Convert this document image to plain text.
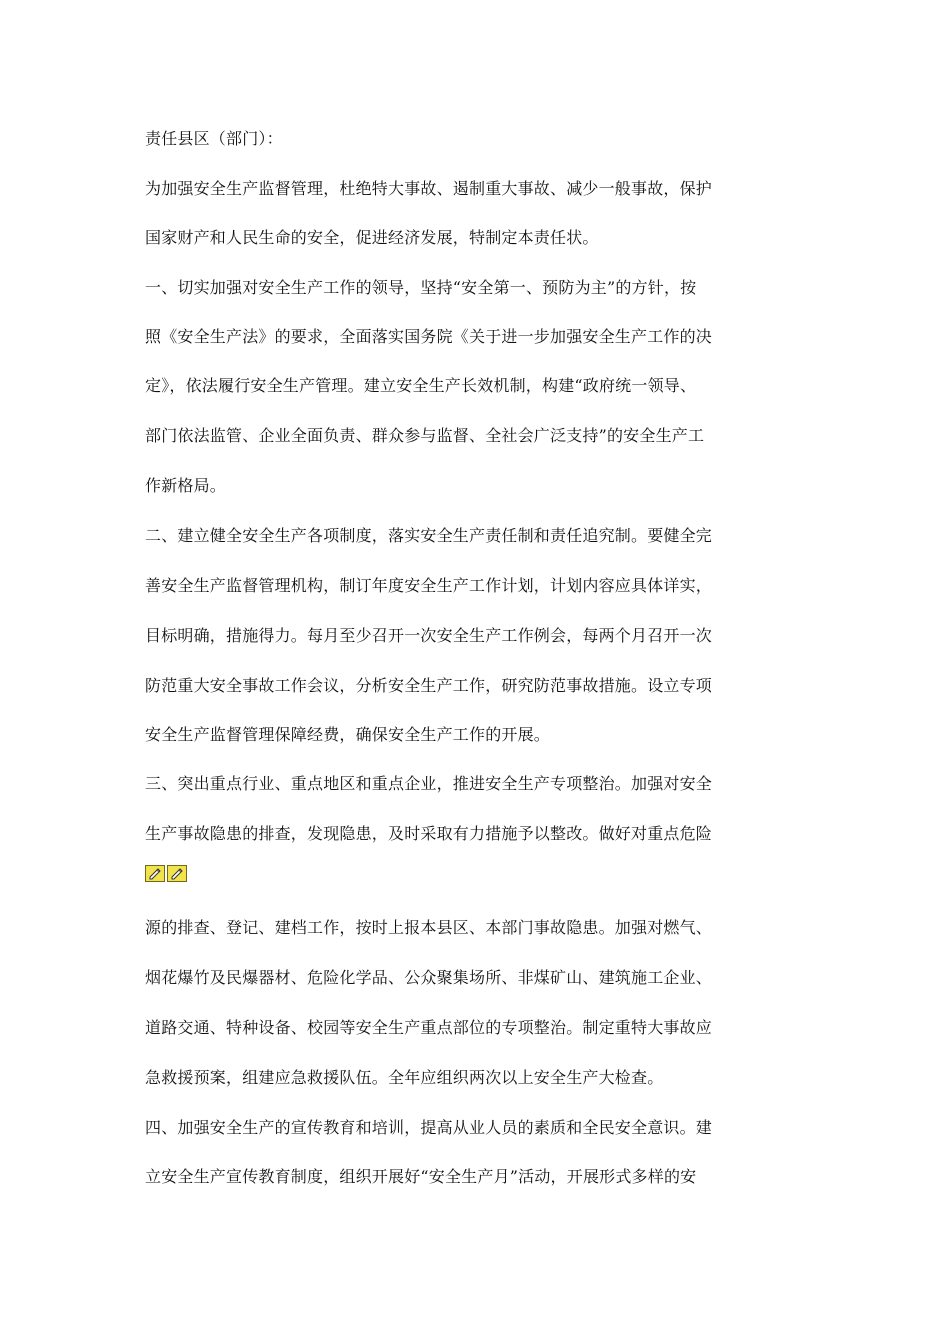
责任县区（部门）：
为加强安全生产监督管理，杜绝特大事故、遏制重大事故、减少一般事故，保护
国家财产和人民生命的安全，促进经济发展，特制定本责任状。
一、切实加强对安全生产工作的领导，坚持“安全第一、预防为主”的方针，按
照《安全生产法》的要求，全面落实国务院《关于进一步加强安全生产工作的决
定》，依法履行安全生产管理。建立安全生产长效机制，构建“政府统一领导、
部门依法监管、企业全面负责、群众参与监督、全社会广泛支持”的安全生产工
作新格局。
二、建立健全安全生产各项制度，落实安全生产责任制和责任追究制。要健全完
善安全生产监督管理机构，制订年度安全生产工作计划，计划内容应具体详实，
目标明确，措施得力。每月至少召开一次安全生产工作例会，每两个月召开一次
防范重大安全事故工作会议，分析安全生产工作，研究防范事故措施。设立专项
安全生产监督管理保障经费，确保安全生产工作的开展。
三、突出重点行业、重点地区和重点企业，推进安全生产专项整治。加强对安全
生产事故隐患的排查，发现隐患，及时采取有力措施予以整改。做好对重点危险
源的排查、登记、建档工作，按时上报本县区、本部门事故隐患。加强对燃气、
烟花爆竹及民爆器材、危险化学品、公众聚集场所、非煤矿山、建筑施工企业、
道路交通、特种设备、校园等安全生产重点部位的专项整治。制定重特大事故应
急救援预案，组建应急救援队伍。全年应组织两次以上安全生产大检查。
四、加强安全生产的宣传教育和培训，提高从业人员的素质和全民安全意识。建
立安全生产宣传教育制度，组织开展好“安全生产月”活动，开展形式多样的安
